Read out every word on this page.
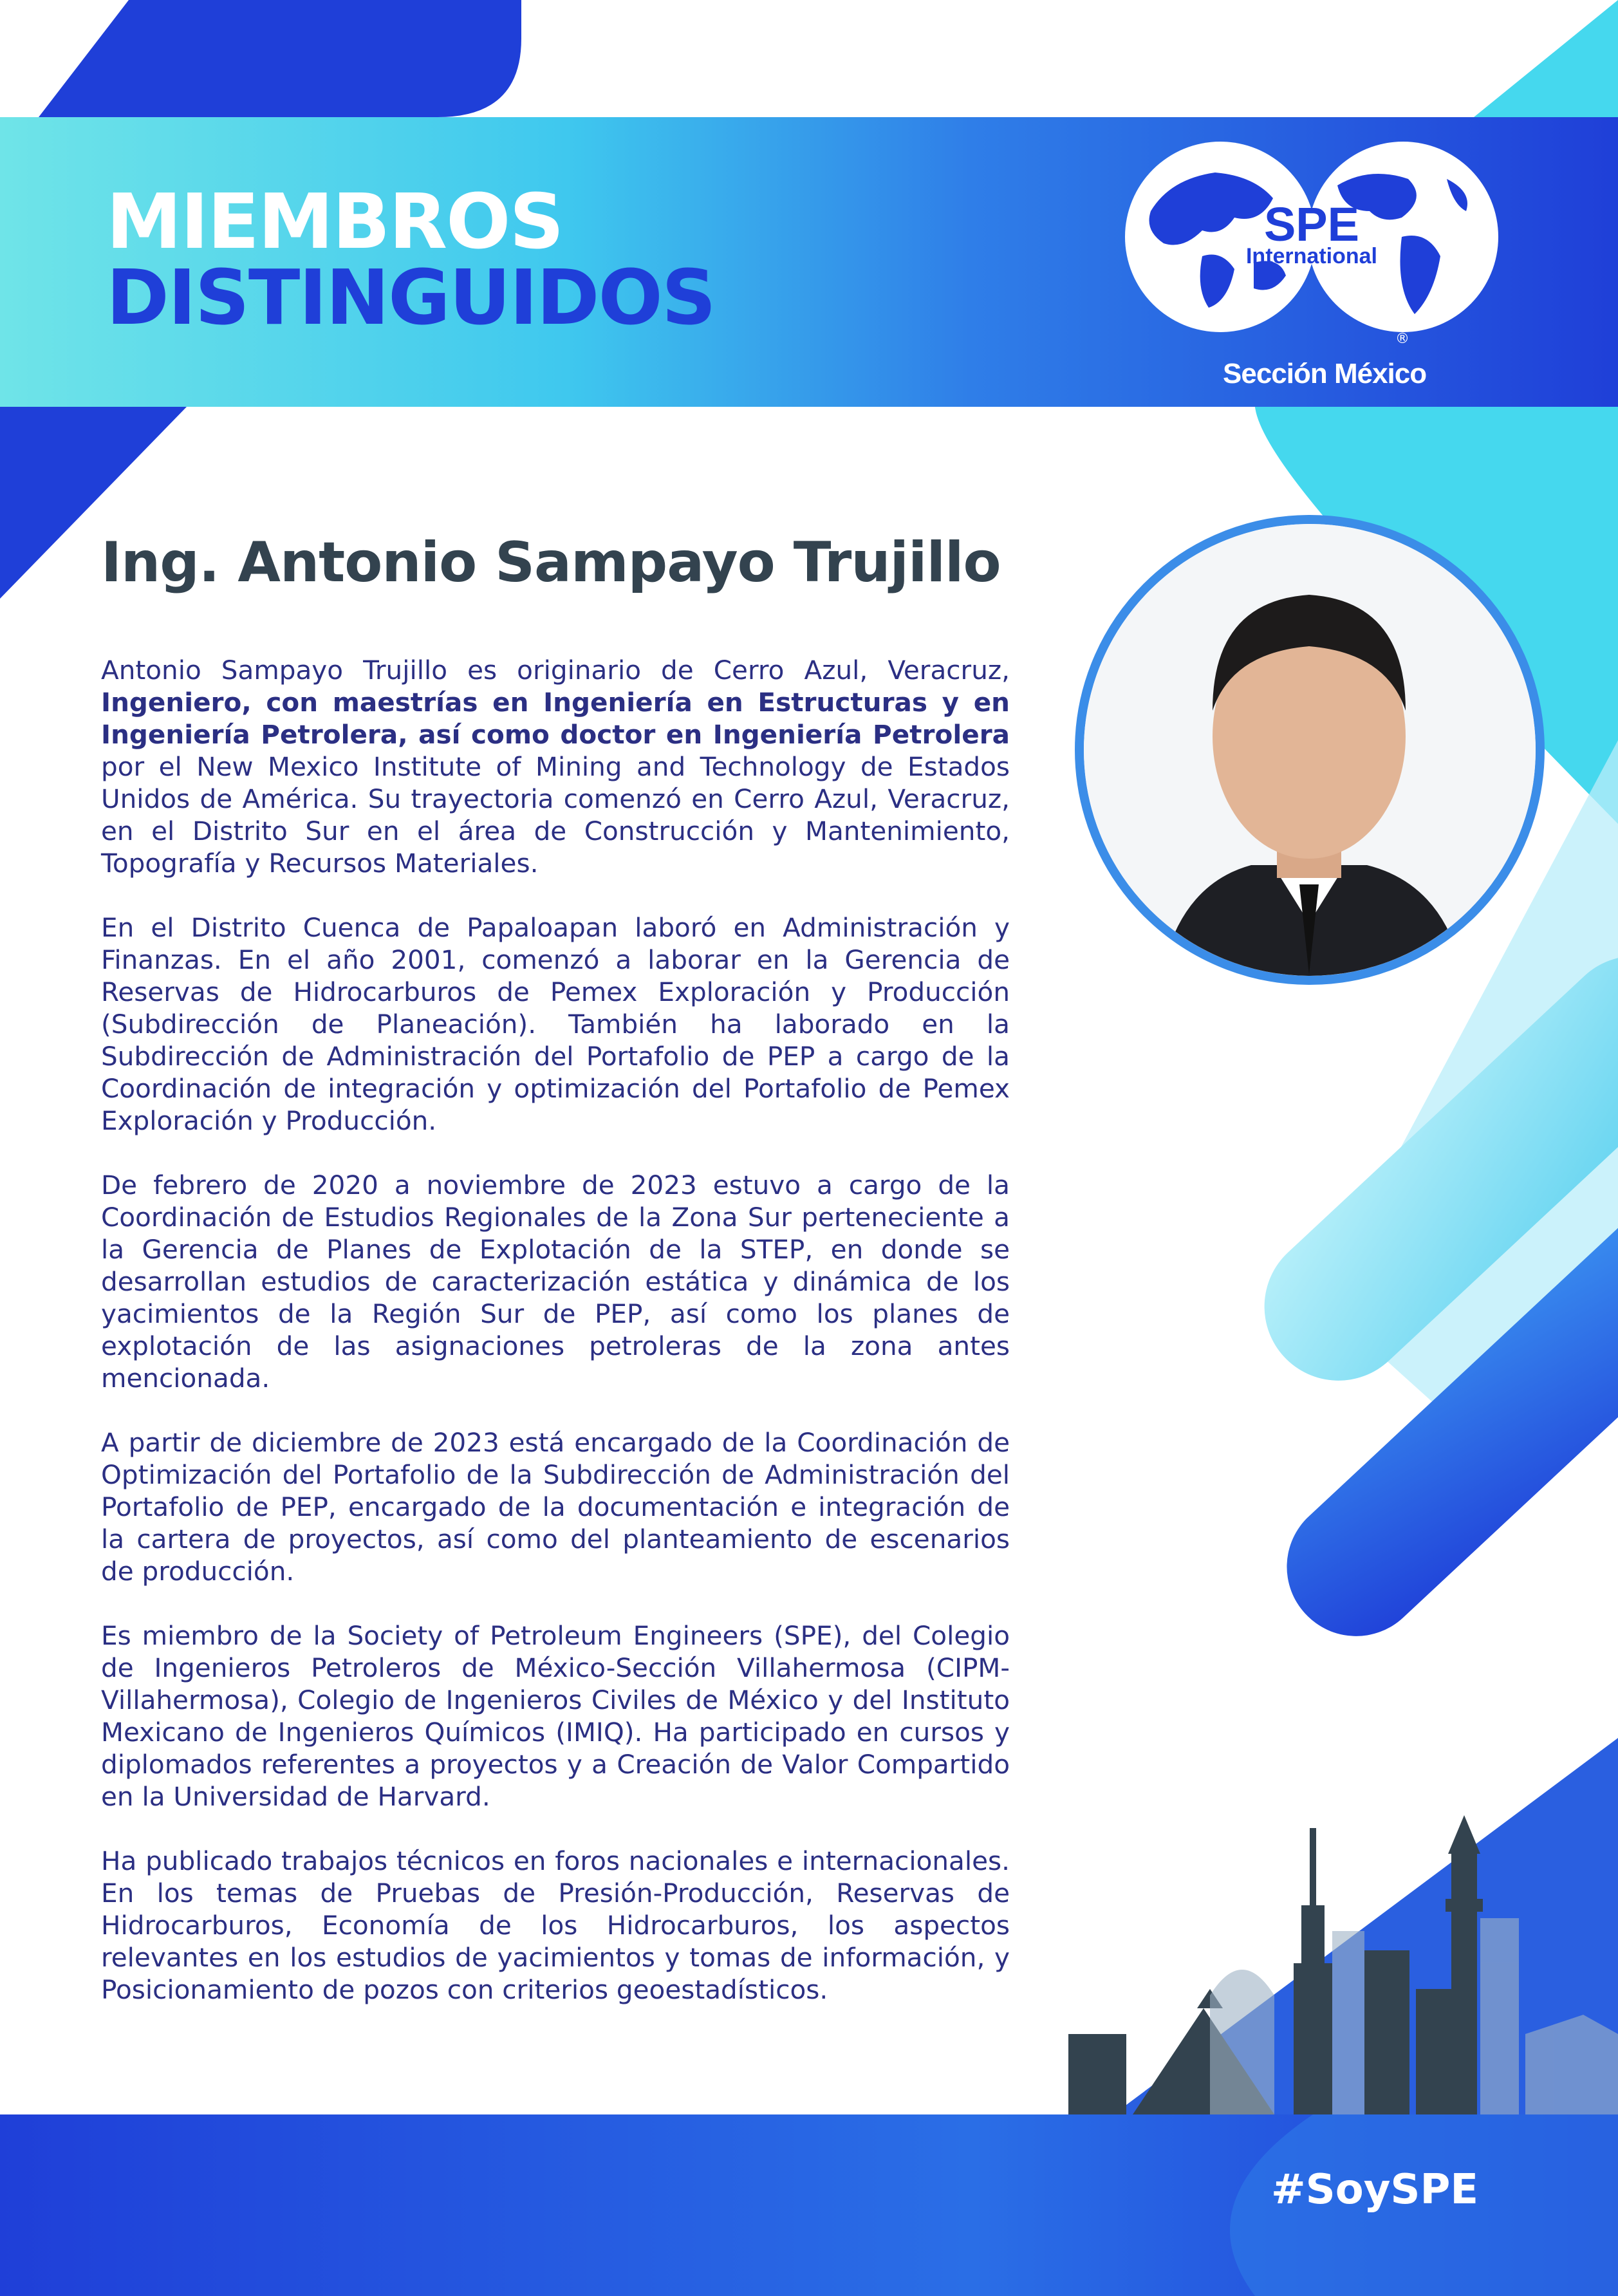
MIEMBROS
DISTINGUIDOS	®
SPE
International
Sección México
Ing. Antonio Sampayo Trujillo

Antonio Sampayo Trujillo es originario de Cerro Azul, Veracruz, Ingeniero, con maestrías en Ingeniería en Estructuras y en Ingeniería Petrolera, así como doctor en Ingeniería Petrolera por el New Mexico Institute of Mining and Technology de Estados Unidos de América. Su trayectoria comenzó en Cerro Azul, Veracruz, en el Distrito Sur en el área de Construcción y Mantenimiento, Topografía y Recursos Materiales.

En el Distrito Cuenca de Papaloapan laboró en Administración y Finanzas. En el año 2001, comenzó a laborar en la Gerencia de Reservas de Hidrocarburos de Pemex Exploración y Producción (Subdirección de Planeación). También ha laborado en la Subdirección de Administración del Portafolio de PEP a cargo de la Coordinación de integración y optimización del Portafolio de Pemex Exploración y Producción.

De febrero de 2020 a noviembre de 2023 estuvo a cargo de la Coordinación de Estudios Regionales de la Zona Sur perteneciente a la Gerencia de Planes de Explotación de la STEP, en donde se desarrollan estudios de caracterización estática y dinámica de los yacimientos de la Región Sur de PEP, así como los planes de explotación de las asignaciones petroleras de la zona antes mencionada.

A partir de diciembre de 2023 está encargado de la Coordinación de Optimización del Portafolio de la Subdirección de Administración del Portafolio de PEP, encargado de la documentación e integración de la cartera de proyectos, así como del planteamiento de escenarios de producción.

Es miembro de la Society of Petroleum Engineers (SPE), del Colegio de Ingenieros Petroleros de México-Sección Villahermosa (CIPM-Villahermosa), Colegio de Ingenieros Civiles de México y del Instituto Mexicano de Ingenieros Químicos (IMIQ). Ha participado en cursos y diplomados referentes a proyectos y a Creación de Valor Compartido en la Universidad de Harvard.

Ha publicado trabajos técnicos en foros nacionales e internacionales. En los temas de Pruebas de Presión-Producción, Reservas de Hidrocarburos, Economía de los Hidrocarburos, los aspectos relevantes en los estudios de yacimientos y tomas de información, y Posicionamiento de pozos con criterios geoestadísticos.

#SoySPE
